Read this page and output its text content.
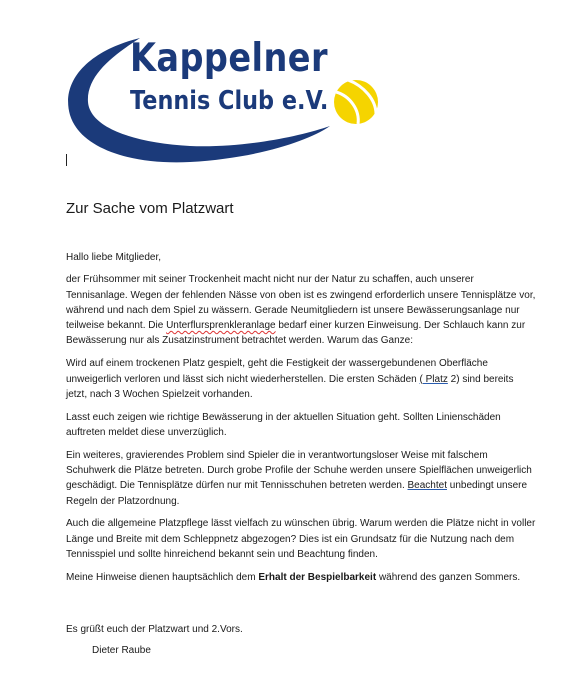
Kappelner
Tennis Club e.V.
Zur Sache vom Platzwart

Hallo liebe Mitglieder,

der Frühsommer mit seiner Trockenheit macht nicht nur der Natur zu schaffen, auch unserer Tennisanlage. Wegen der fehlenden Nässe von oben ist es zwingend erforderlich unsere Tennisplätze vor, während und nach dem Spiel zu wässern. Gerade Neumitgliedern ist unsere Bewässerungsanlage nur teilweise bekannt. Die Unterflursprenkleranlage bedarf einer kurzen Einweisung. Der Schlauch kann zur Bewässerung nur als Zusatzinstrument betrachtet werden. Warum das Ganze:

Wird auf einem trockenen Platz gespielt, geht die Festigkeit der wassergebundenen Oberfläche unweigerlich verloren und lässt sich nicht wiederherstellen. Die ersten Schäden ( Platz 2) sind bereits jetzt, nach 3 Wochen Spielzeit vorhanden.

Lasst euch zeigen wie richtige Bewässerung in der aktuellen Situation geht. Sollten Linienschäden auftreten meldet diese unverzüglich.

Ein weiteres, gravierendes Problem sind Spieler die in verantwortungsloser Weise mit falschem Schuhwerk die Plätze betreten. Durch grobe Profile der Schuhe werden unsere Spielflächen unweigerlich geschädigt. Die Tennisplätze dürfen nur mit Tennisschuhen betreten werden. Beachtet unbedingt unsere Regeln der Platzordnung.

Auch die allgemeine Platzpflege lässt vielfach zu wünschen übrig. Warum werden die Plätze nicht in voller Länge und Breite mit dem Schleppnetz abgezogen? Dies ist ein Grundsatz für die Nutzung nach dem Tennisspiel und sollte hinreichend bekannt sein und Beachtung finden.

Meine Hinweise dienen hauptsächlich dem Erhalt der Bespielbarkeit während des ganzen Sommers.

Es grüßt euch der Platzwart und 2.Vors.
Dieter Raube
